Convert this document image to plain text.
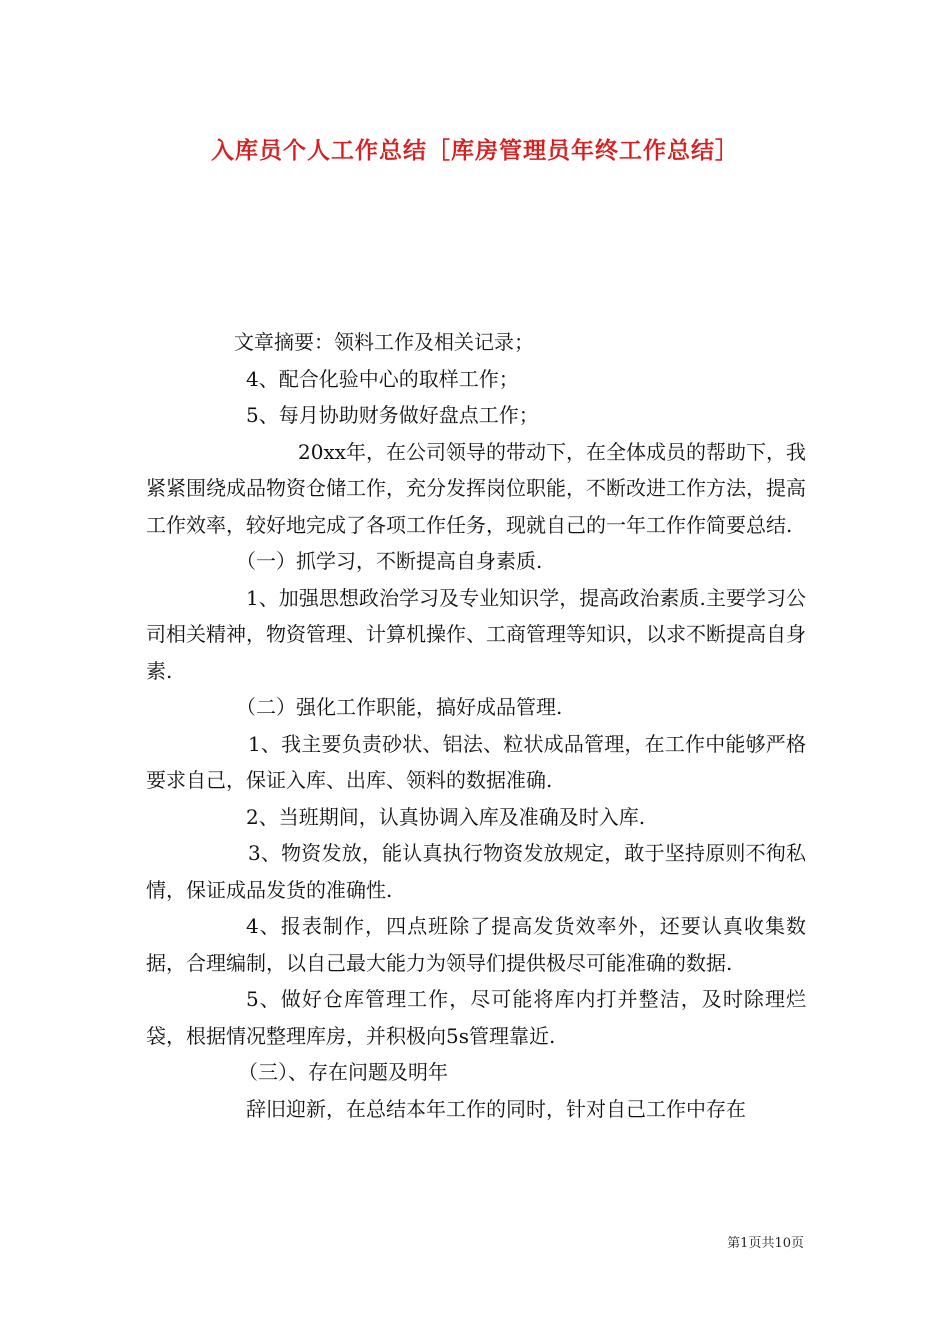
入库员个人工作总结［库房管理员年终工作总结］

文章摘要：领料工作及相关记录；

4、配合化验中心的取样工作；

5、每月协助财务做好盘点工作；

20xx年，在公司领导的带动下，在全体成员的帮助下，我紧紧围绕成品物资仓储工作，充分发挥岗位职能，不断改进工作方法，提高工作效率，较好地完成了各项工作任务，现就自己的一年工作作简要总结.

（一）抓学习，不断提高自身素质.

1、加强思想政治学习及专业知识学，提高政治素质.主要学习公司相关精神，物资管理、计算机操作、工商管理等知识，以求不断提高自身素.

（二）强化工作职能，搞好成品管理.

1、我主要负责砂状、铝法、粒状成品管理，在工作中能够严格要求自己，保证入库、出库、领料的数据准确.

2、当班期间，认真协调入库及准确及时入库.

3、物资发放，能认真执行物资发放规定，敢于坚持原则不徇私情，保证成品发货的准确性.

4、报表制作，四点班除了提高发货效率外，还要认真收集数据，合理编制，以自己最大能力为领导们提供极尽可能准确的数据.

5、做好仓库管理工作，尽可能将库内打并整洁，及时除理烂袋，根据情况整理库房，并积极向5s管理靠近.

（三）、存在问题及明年

辞旧迎新，在总结本年工作的同时，针对自己工作中存在

第1页共10页
